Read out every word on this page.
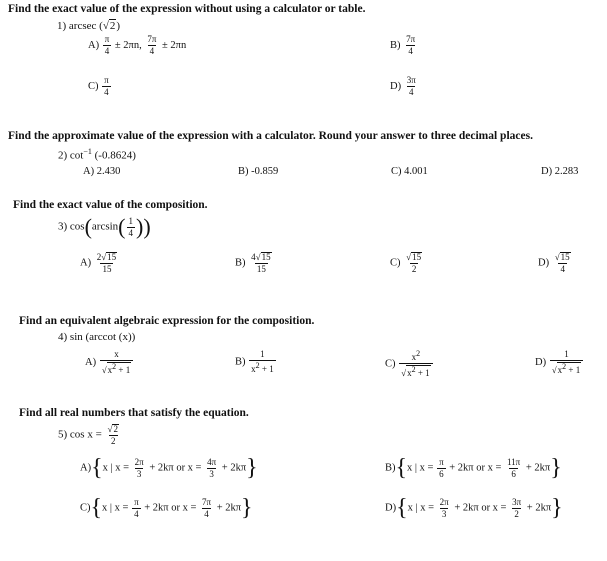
Find the exact value of the expression without using a calculator or table.
1) arcsec (√2)
$A) \frac{\pi}{4} \pm 2\pi n$, $\frac{7\pi}{4} \pm 2\pi n$	$B) \frac{7\pi}{4}$
$C) \frac{\pi}{4}$	$D) \frac{3\pi}{4}$
Find the approximate value of the expression with a calculator. Round your answer to three decimal places.
2) $\cot^{-1} (-0.8624)$
A) 2.430	B) -0.859	C) 4.001	D) 2.283
Find the exact value of the composition.
3) $\cos(\arcsin( \frac{1}{4}$ ))
$A) \frac{2√15}{15}$	$B) \frac{4√15}{15}$	$C) \frac{√15}{2}$	$D) \frac{√15}{4}$
Find an equivalent algebraic expression for the composition.
4) sin (arccot (x))
$A) \frac{x}{√x2 + 1}$	$B) \frac{1}{x2 + 1}$	$C) \frac{x2}{√x2 + 1}$	$D) \frac{1}{√x2 + 1}$
Find all real numbers that satisfy the equation.
5) $\cos x = \frac{√2}{2}$
A){x | $x = \frac{2\pi}{3} + 2k\pi$ or $x = \frac{4\pi}{3} + 2k\pi$}	B){x | $x = \frac{\pi}{6} + 2k\pi$ or $x = \frac{11\pi}{6} + 2k\pi$}
C){x | $x = \frac{\pi}{4} + 2k\pi$ or $x = \frac{7\pi}{4} + 2k\pi$}	D){x | $x = \frac{2\pi}{3} + 2k\pi$ or $x = \frac{3\pi}{2} + 2k\pi$}
